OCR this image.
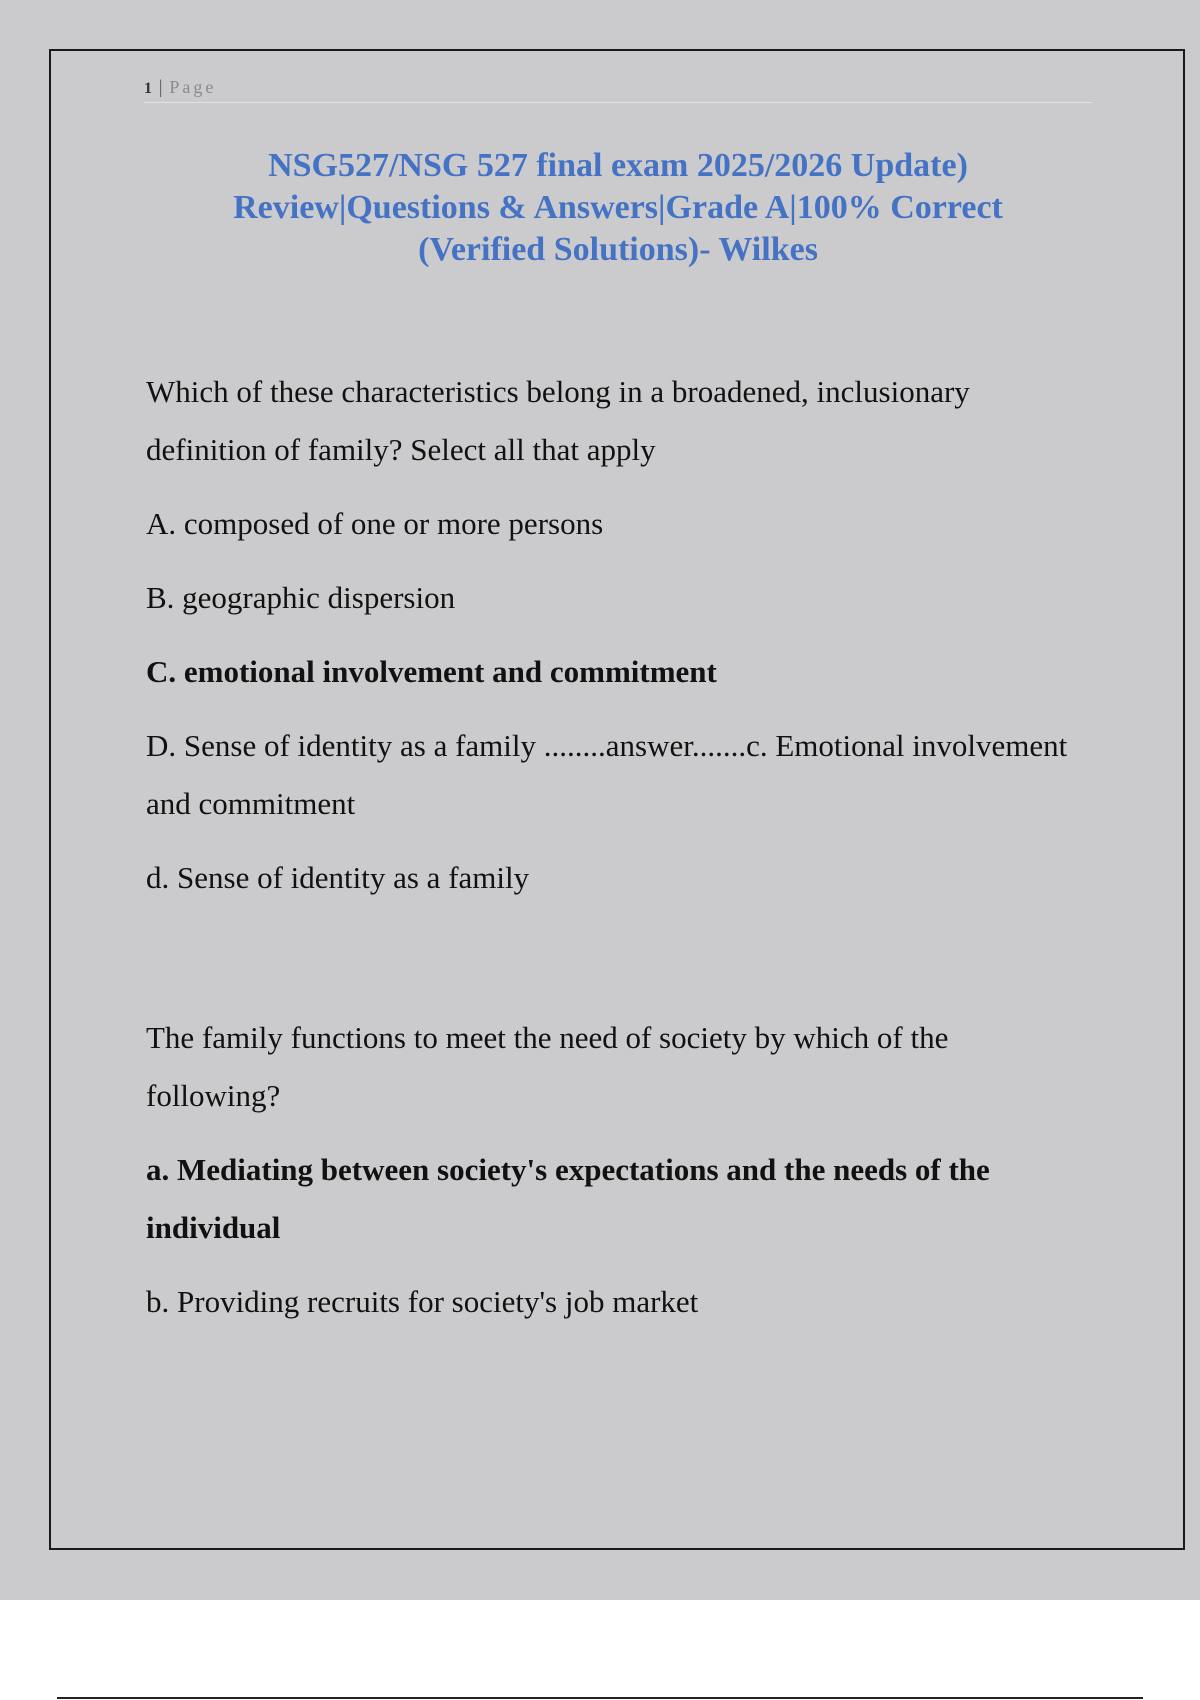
1 | Page
NSG527/NSG 527 final exam 2025/2026 Update)
Review|Questions & Answers|Grade A|100% Correct
(Verified Solutions)- Wilkes

Which of these characteristics belong in a broadened, inclusionary definition of family? Select all that apply

A. composed of one or more persons

B. geographic dispersion

C. emotional involvement and commitment

D. Sense of identity as a family ........answer.......c. Emotional involvement and commitment

d. Sense of identity as a family

The family functions to meet the need of society by which of the following?

a. Mediating between society's expectations and the needs of the individual

b. Providing recruits for society's job market
